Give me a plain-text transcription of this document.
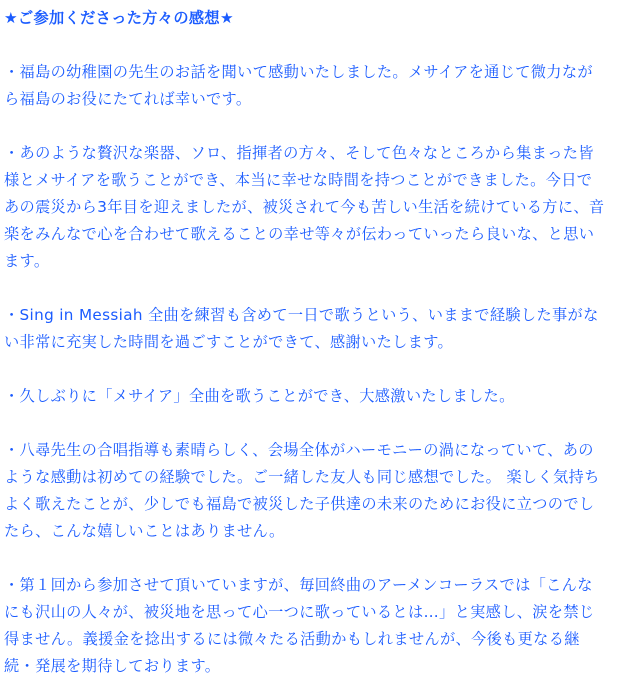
★ご参加くださった方々の感想★

・福島の幼稚園の先生のお話を聞いて感動いたしました。メサイアを通じて微力なが
ら福島のお役にたてれば幸いです。
・あのような贅沢な楽器、ソロ、指揮者の方々、そして色々なところから集まった皆
様とメサイアを歌うことができ、本当に幸せな時間を持つことができました。今日で
あの震災から3年目を迎えましたが、被災されて今も苦しい生活を続けている方に、音
楽をみんなで心を合わせて歌えることの幸せ等々が伝わっていったら良いな、と思い
ます。
・Sing in Messiah 全曲を練習も含めて一日で歌うという、いままで経験した事がな
い非常に充実した時間を過ごすことができて、感謝いたします。
・久しぶりに「メサイア」全曲を歌うことができ、大感激いたしました。
・八尋先生の合唱指導も素晴らしく、会場全体がハーモニーの渦になっていて、あの
ような感動は初めての経験でした。ご一緒した友人も同じ感想でした。 楽しく気持ち
よく歌えたことが、少しでも福島で被災した子供達の未来のためにお役に立つのでし
たら、こんな嬉しいことはありません。
・第１回から参加させて頂いていますが、毎回終曲のアーメンコーラスでは「こんな
にも沢山の人々が、被災地を思って心一つに歌っているとは…」と実感し、涙を禁じ
得ません。義援金を捻出するには微々たる活動かもしれませんが、今後も更なる継
続・発展を期待しております。
